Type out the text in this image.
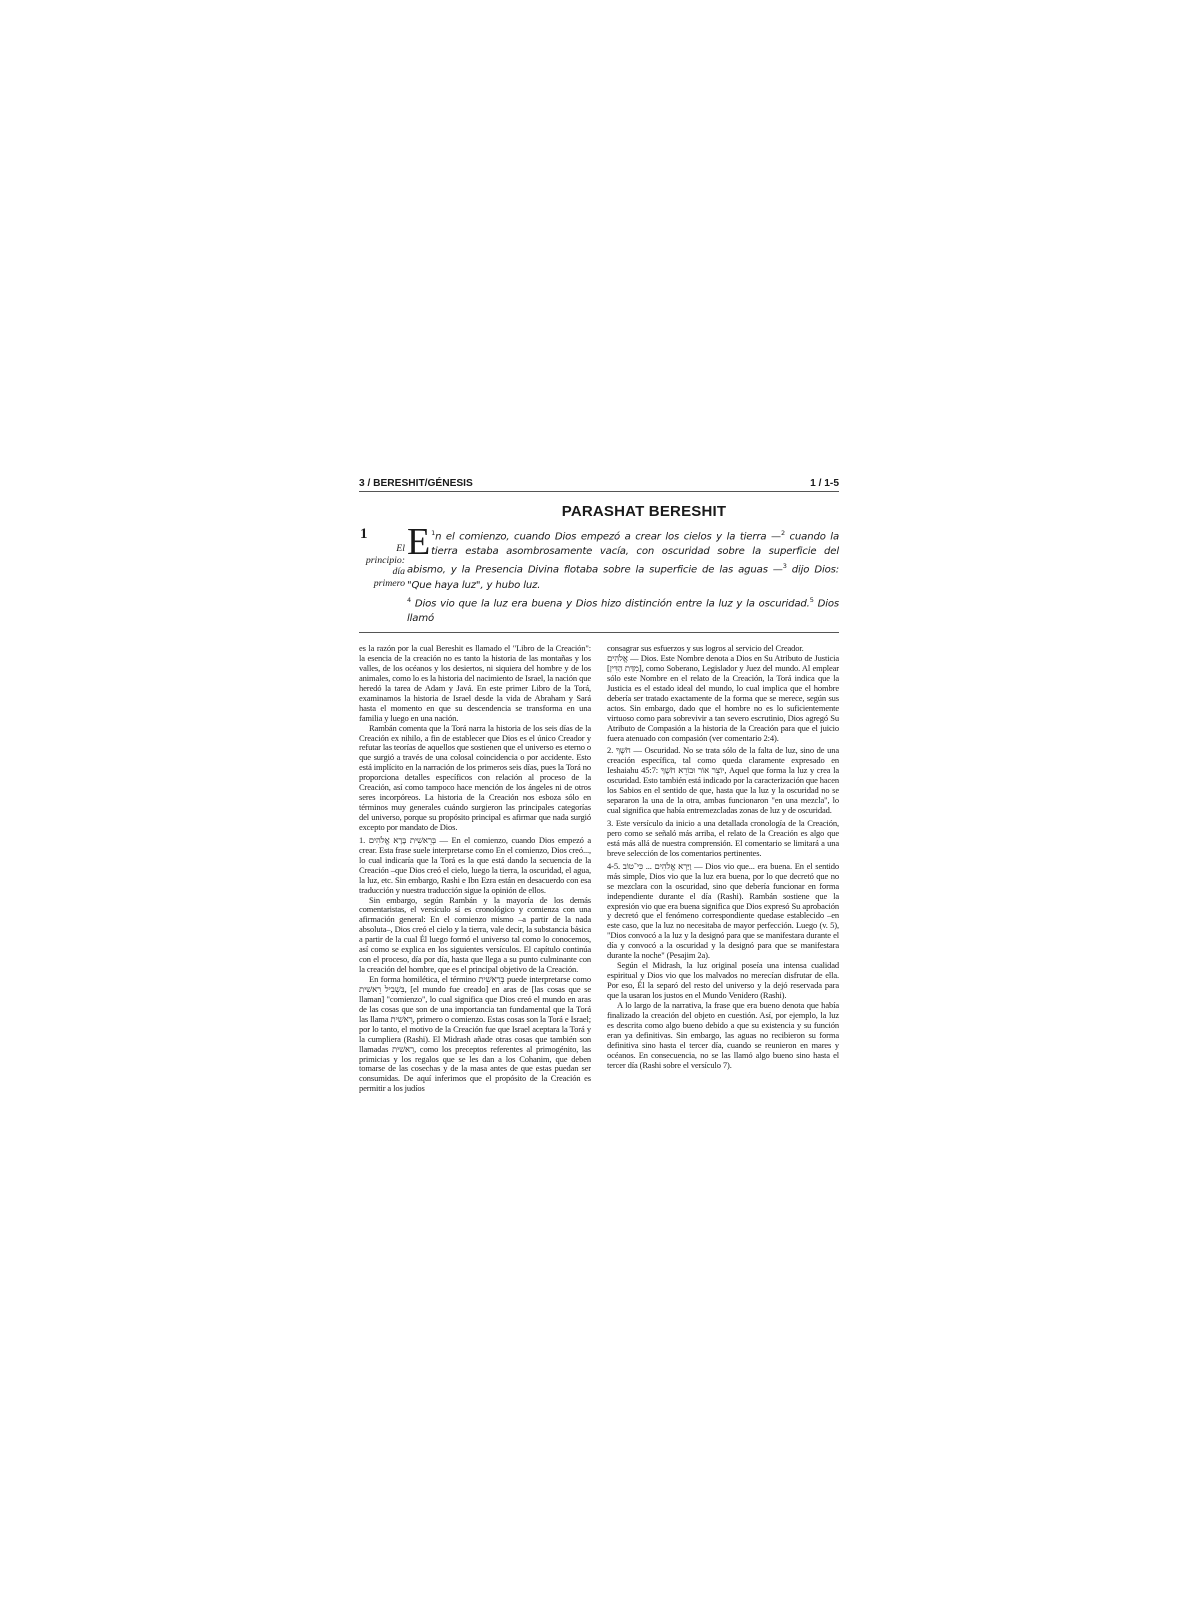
3 / BERESHIT/GÉNESIS	1 / 1-5
PARASHAT BERESHIT
1
El
principio:
día
primero
$^1$
E n el comienzo, cuando Dios empezó a crear los cielos y la tierra —$^2$ cuando la tierra estaba asombrosamente vacía, con oscuridad sobre la superficie del abismo, y la Presencia Divina flotaba sobre la superficie de las aguas —$^3$ dijo Dios: "Que haya luz", y hubo luz.
$^4$ Dios vio que la luz era buena y Dios hizo distinción entre la luz y la oscuridad.$^5$ Dios llamó

es la razón por la cual Bereshit es llamado el "Libro de la Creación": la esencia de la creación no es tanto la historia de las montañas y los valles, de los océanos y los desiertos, ni siquiera del hombre y de los animales, como lo es la historia del nacimiento de Israel, la nación que heredó la tarea de Adam y Javá. En este primer Libro de la Torá, examinamos la historia de Israel desde la vida de Abraham y Sará hasta el momento en que su descendencia se transforma en una familia y luego en una nación.

Rambán comenta que la Torá narra la historia de los seis días de la Creación ex nihilo, a fin de establecer que Dios es el único Creador y refutar las teorías de aquellos que sostienen que el universo es eterno o que surgió a través de una colosal coincidencia o por accidente. Esto está implícito en la narración de los primeros seis días, pues la Torá no proporciona detalles específicos con relación al proceso de la Creación, así como tampoco hace mención de los ángeles ni de otros seres incorpóreos. La historia de la Creación nos esboza sólo en términos muy generales cuándo surgieron las principales categorías del universo, porque su propósito principal es afirmar que nada surgió excepto por mandato de Dios.

1. בְּרֵאשִׁית בָּרָא אֱלֹהִים — En el comienzo, cuando Dios empezó a crear. Esta frase suele interpretarse como En el comienzo, Dios creó..., lo cual indicaría que la Torá es la que está dando la secuencia de la Creación –que Dios creó el cielo, luego la tierra, la oscuridad, el agua, la luz, etc. Sin embargo, Rashi e Ibn Ezra están en desacuerdo con esa traducción y nuestra traducción sigue la opinión de ellos.

Sin embargo, según Rambán y la mayoría de los demás comentaristas, el versículo sí es cronológico y comienza con una afirmación general: En el comienzo mismo –a partir de la nada absoluta–, Dios creó el cielo y la tierra, vale decir, la substancia básica a partir de la cual Él luego formó el universo tal como lo conocemos, así como se explica en los siguientes versículos. El capítulo continúa con el proceso, día por día, hasta que llega a su punto culminante con la creación del hombre, que es el principal objetivo de la Creación.

En forma homilética, el término בְּרֵאשִׁית puede interpretarse como בִּשְׁבִיל רֵאשִׁית, [el mundo fue creado] en aras de [las cosas que se llaman] "comienzo", lo cual significa que Dios creó el mundo en aras de las cosas que son de una importancia tan fundamental que la Torá las llama רֵאשִׁית, primero o comienzo. Estas cosas son la Torá e Israel; por lo tanto, el motivo de la Creación fue que Israel aceptara la Torá y la cumpliera (Rashi). El Midrash añade otras cosas que también son llamadas רֵאשִׁית, como los preceptos referentes al primogénito, las primicias y los regalos que se les dan a los Cohanim, que deben tomarse de las cosechas y de la masa antes de que estas puedan ser consumidas. De aquí inferimos que el propósito de la Creación es permitir a los judíos

consagrar sus esfuerzos y sus logros al servicio del Creador.

אֱלֹהִים — Dios. Este Nombre denota a Dios en Su Atributo de Justicia [מִדַּת הַדִּין], como Soberano, Legislador y Juez del mundo. Al emplear sólo este Nombre en el relato de la Creación, la Torá indica que la Justicia es el estado ideal del mundo, lo cual implica que el hombre debería ser tratado exactamente de la forma que se merece, según sus actos. Sin embargo, dado que el hombre no es lo suficientemente virtuoso como para sobrevivir a tan severo escrutinio, Dios agregó Su Atributo de Compasión a la historia de la Creación para que el juicio fuera atenuado con compasión (ver comentario 2:4).

2. חֹשֶׁךְ — Oscuridad. No se trata sólo de la falta de luz, sino de una creación específica, tal como queda claramente expresado en Ieshaiahu 45:7: יוֹצֵר אוֹר וּבוֹרֵא חֹשֶׁךְ, Aquel que forma la luz y crea la oscuridad. Esto también está indicado por la caracterización que hacen los Sabios en el sentido de que, hasta que la luz y la oscuridad no se separaron la una de la otra, ambas funcionaron "en una mezcla", lo cual significa que había entremezcladas zonas de luz y de oscuridad.

3. Este versículo da inicio a una detallada cronología de la Creación, pero como se señaló más arriba, el relato de la Creación es algo que está más allá de nuestra comprensión. El comentario se limitará a una breve selección de los comentarios pertinentes.

4-5. וַיַּרְא אֱלֹהִים ... כִּי־טוֹב — Dios vio que... era buena. En el sentido más simple, Dios vio que la luz era buena, por lo que decretó que no se mezclara con la oscuridad, sino que debería funcionar en forma independiente durante el día (Rashi). Rambán sostiene que la expresión vio que era buena significa que Dios expresó Su aprobación y decretó que el fenómeno correspondiente quedase establecido –en este caso, que la luz no necesitaba de mayor perfección. Luego (v. 5), "Dios convocó a la luz y la designó para que se manifestara durante el día y convocó a la oscuridad y la designó para que se manifestara durante la noche" (Pesajim 2a).

Según el Midrash, la luz original poseía una intensa cualidad espiritual y Dios vio que los malvados no merecían disfrutar de ella. Por eso, Él la separó del resto del universo y la dejó reservada para que la usaran los justos en el Mundo Venidero (Rashi).

A lo largo de la narrativa, la frase que era bueno denota que había finalizado la creación del objeto en cuestión. Así, por ejemplo, la luz es descrita como algo bueno debido a que su existencia y su función eran ya definitivas. Sin embargo, las aguas no recibieron su forma definitiva sino hasta el tercer día, cuando se reunieron en mares y océanos. En consecuencia, no se las llamó algo bueno sino hasta el tercer día (Rashi sobre el versículo 7).
